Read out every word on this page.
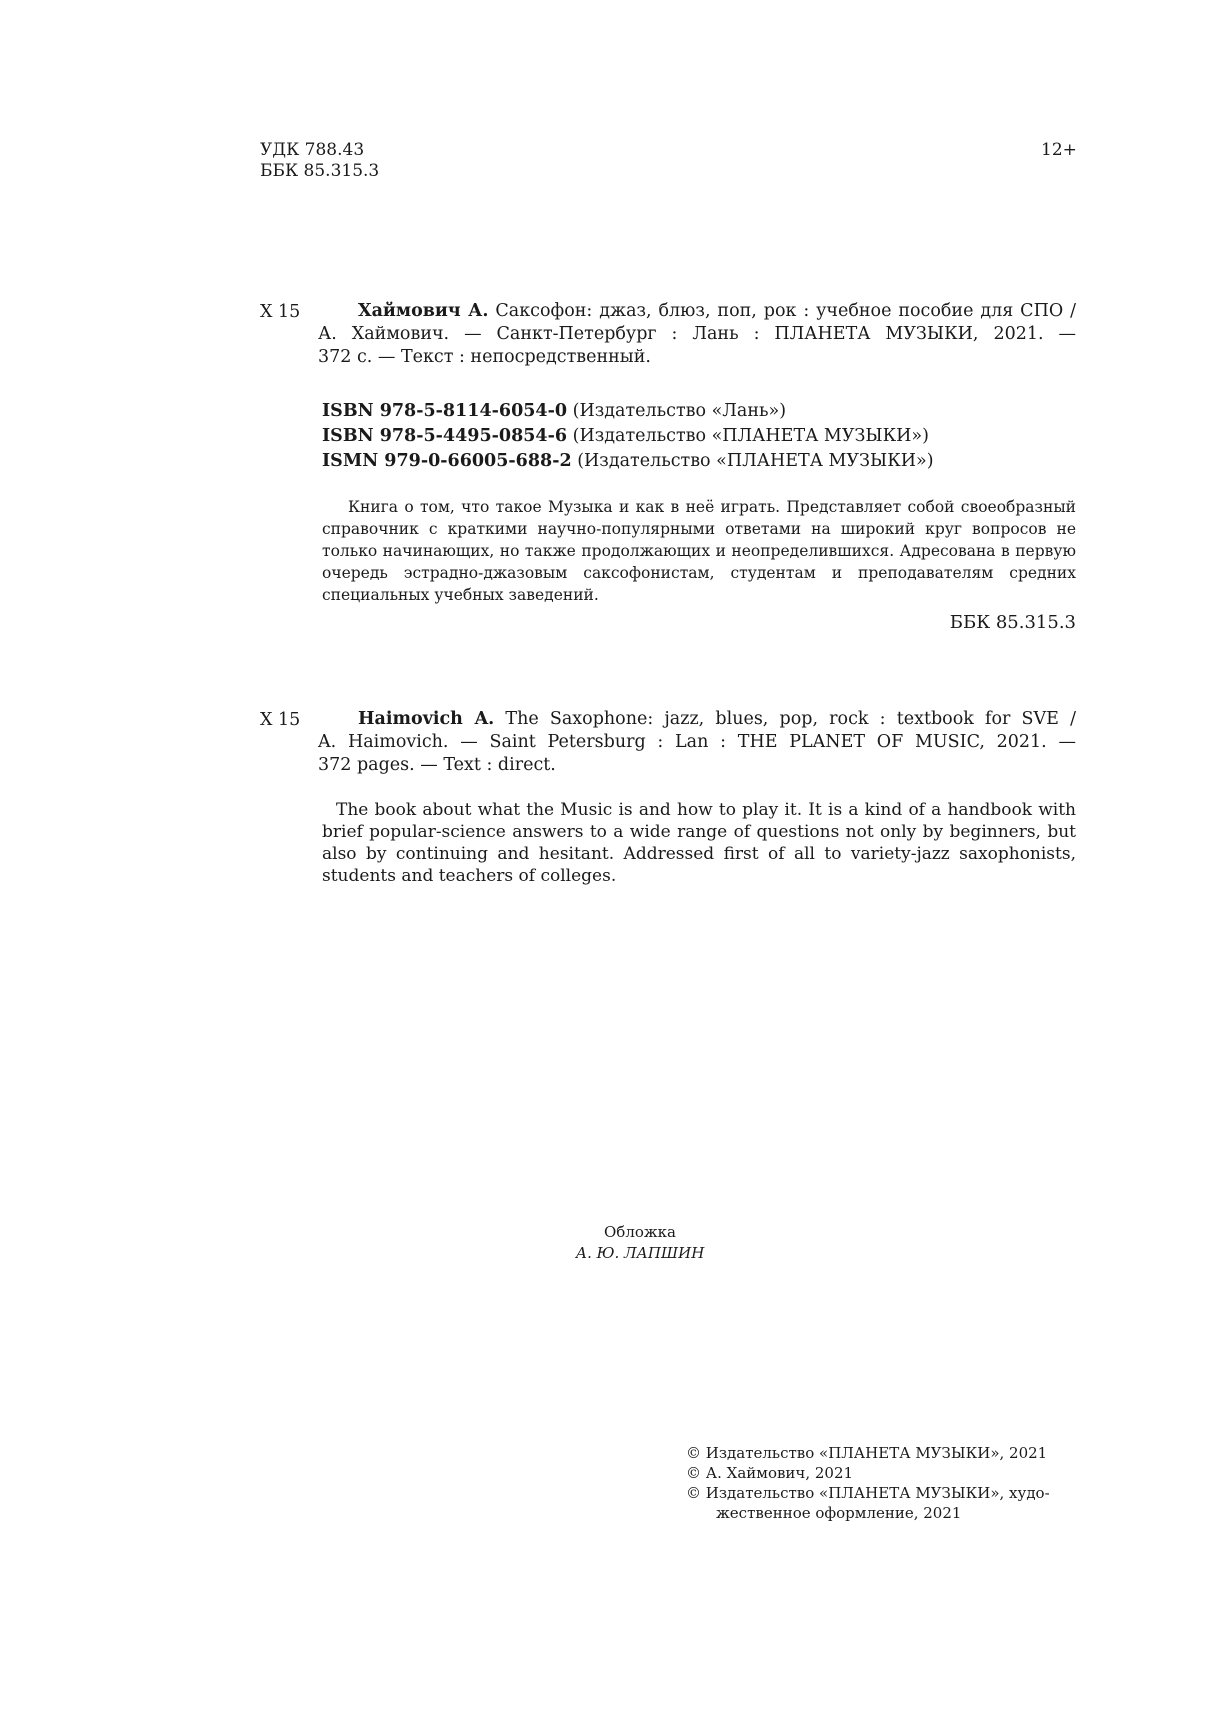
УДК 788.43
ББК 85.315.3
12+
Х 15	Хаймович А. Саксофон: джаз, блюз, поп, рок : учебное пособие для СПО /
А. Хаймович. — Санкт-Петербург : Лань : ПЛАНЕТА МУЗЫКИ, 2021. —
372 с. — Текст : непосредственный.
ISBN 978-5-8114-6054-0 (Издательство «Лань»)
ISBN 978-5-4495-0854-6 (Издательство «ПЛАНЕТА МУЗЫКИ»)
ISMN 979-0-66005-688-2 (Издательство «ПЛАНЕТА МУЗЫКИ»)
Книга о том, что такое Музыка и как в неё играть. Представляет собой своеобразный справочник с краткими научно-популярными ответами на широкий круг вопросов не только начинающих, но также продолжающих и неопределившихся. Адресована в первую очередь эстрадно-джазовым саксофонистам, студентам и преподавателям средних специальных учебных заведений.
ББК 85.315.3
Х 15	Haimovich A. The Saxophone: jazz, blues, pop, rock : textbook for SVE /
A. Haimovich. — Saint Petersburg : Lan : THE PLANET OF MUSIC, 2021. —
372 pages. — Text : direct.
The book about what the Music is and how to play it. It is a kind of a handbook with brief popular-science answers to a wide range of questions not only by beginners, but also by continuing and hesitant. Addressed first of all to variety-jazz saxophonists, students and teachers of colleges.
Обложка
А. Ю. ЛАПШИН
© Издательство «ПЛАНЕТА МУЗЫКИ», 2021
© А. Хаймович, 2021
© Издательство «ПЛАНЕТА МУЗЫКИ», худо-
жественное оформление, 2021
